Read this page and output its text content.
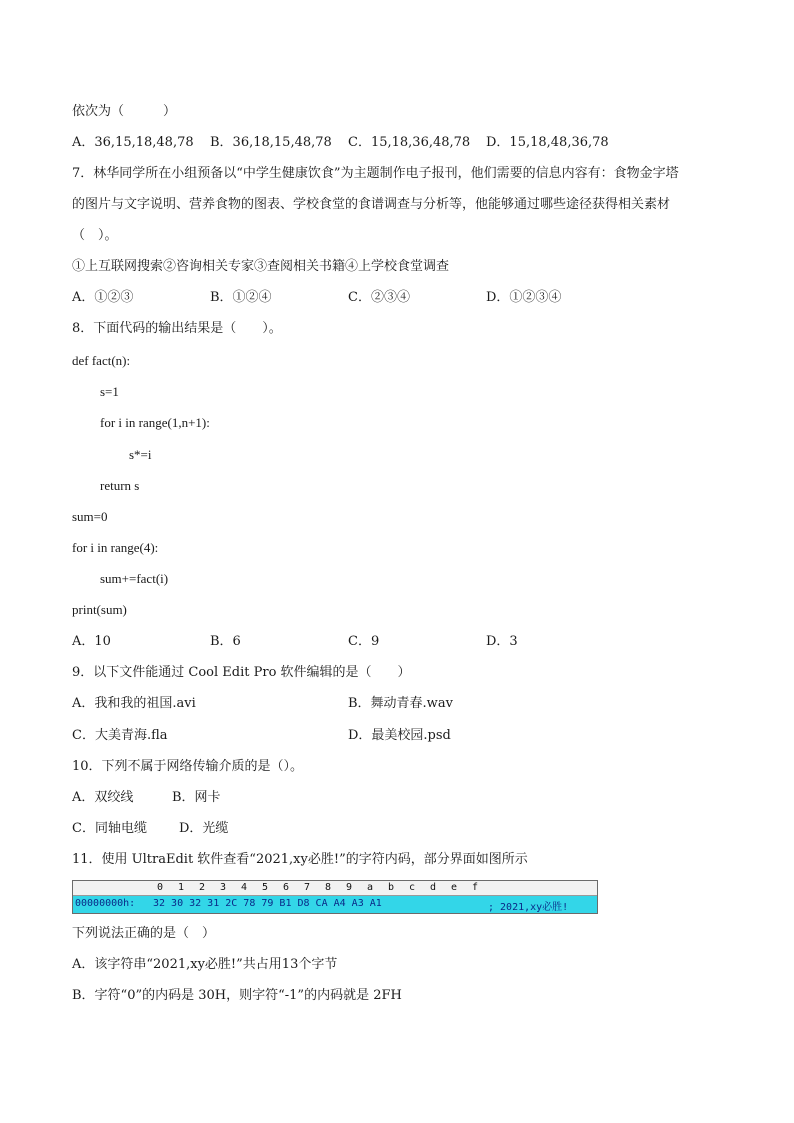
依次为（　　　）
A．36,15,18,48,78 B．36,18,15,48,78 C．15,18,36,48,78 D．15,18,48,36,78
7．林华同学所在小组预备以“中学生健康饮食”为主题制作电子报刊，他们需要的信息内容有：食物金字塔
的图片与文字说明、营养食物的图表、学校食堂的食谱调查与分析等，他能够通过哪些途径获得相关素材
（　）。
①上互联网搜索②咨询相关专家③查阅相关书籍④上学校食堂调查
A．①②③	B．①②④	C．②③④	D．①②③④
8．下面代码的输出结果是（　　）。
def fact(n):
s=1
for i in range(1,n+1):
s*=i
return s
sum=0
for i in range(4):
sum+=fact(i)
print(sum)
A．10	B．6	C．9	D．3
9．以下文件能通过 Cool Edit Pro 软件编辑的是（　　）
A．我和我的祖国.avi	B．舞动青春.wav
C．大美青海.fla	D．最美校园.psd
10．下列不属于网络传输介质的是（）。
A．双绞线	B．网卡
C．同轴电缆 D．光缆
11．使用 UltraEdit 软件查看“2021,xy必胜!”的字符内码，部分界面如图所示
0 1 2 3 4 5 6 7 8 9 a b c d e f
00000000h: 32 30 32 31 2C 78 79 B1 D8 CA A4 A3 A1	; 2021,xy必胜!
下列说法正确的是（　）
A．该字符串“2021,xy必胜!”共占用13个字节
B．字符“0”的内码是 30H，则字符“-1”的内码就是 2FH
